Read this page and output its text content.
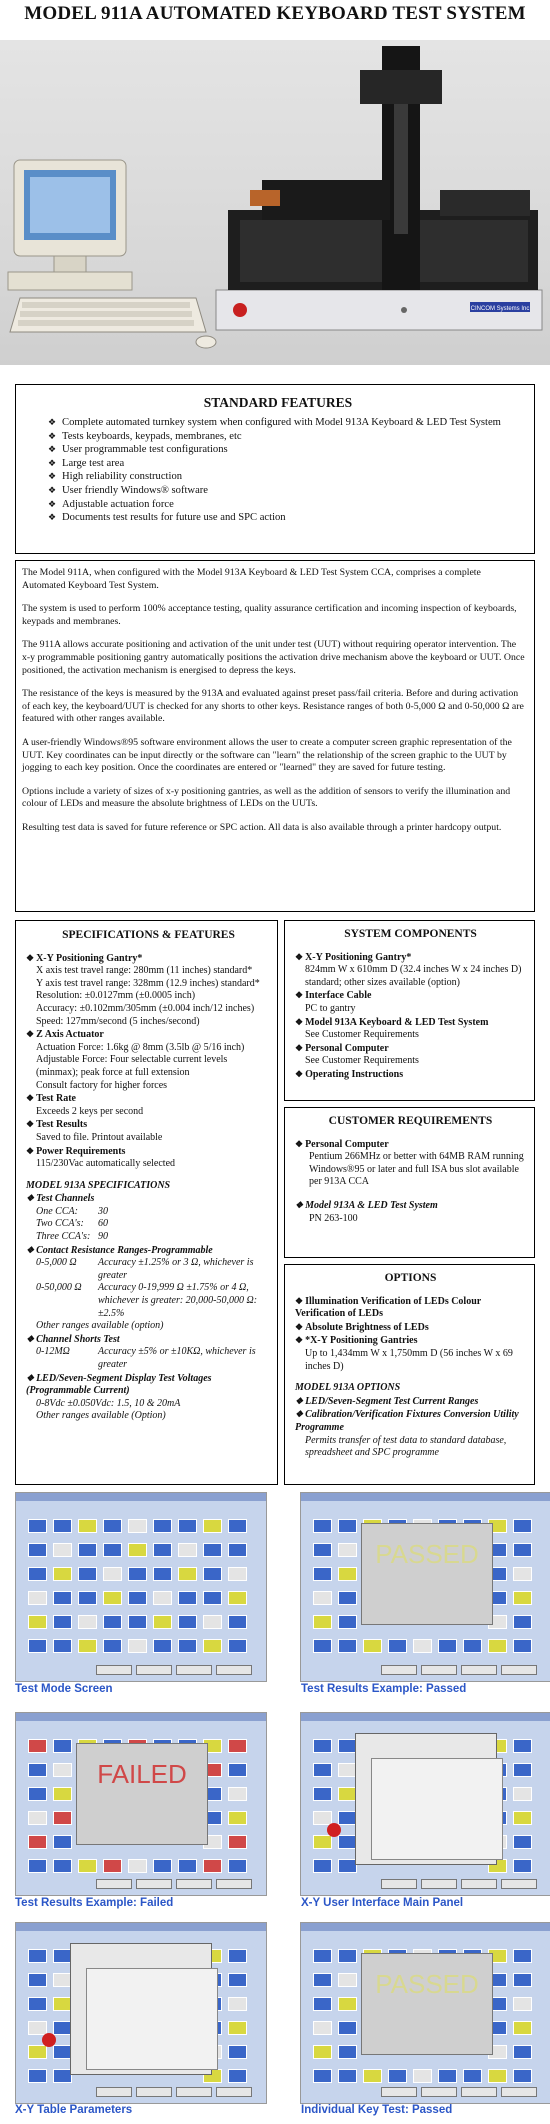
MODEL 911A AUTOMATED KEYBOARD TEST SYSTEM
CINCOM Systems Inc
STANDARD FEATURES
❖ Complete automated turnkey system when configured with Model 913A Keyboard & LED Test System
❖ Tests keyboards, keypads, membranes, etc
❖ User programmable test configurations
❖ Large test area
❖ High reliability construction
❖ User friendly Windows® software
❖ Adjustable actuation force
❖ Documents test results for future use and SPC action

The Model 911A, when configured with the Model 913A Keyboard & LED Test System CCA, comprises a complete Automated Keyboard Test System.

The system is used to perform 100% acceptance testing, quality assurance certification and incoming inspection of keyboards, keypads and membranes.

The 911A allows accurate positioning and activation of the unit under test (UUT) without requiring operator intervention. The x-y programmable positioning gantry automatically positions the activation drive mechanism above the keyboard or UUT. Once positioned, the activation mechanism is energised to depress the keys.

The resistance of the keys is measured by the 913A and evaluated against preset pass/fail criteria. Before and during activation of each key, the keyboard/UUT is checked for any shorts to other keys. Resistance ranges of both 0-5,000 Ω and 0-50,000 Ω are featured with other ranges available.

A user-friendly Windows®95 software environment allows the user to create a computer screen graphic representation of the UUT. Key coordinates can be input directly or the software can "learn" the relationship of the screen graphic to the UUT by jogging to each key position. Once the coordinates are entered or "learned" they are saved for future testing.

Options include a variety of sizes of x-y positioning gantries, as well as the addition of sensors to verify the illumination and colour of LEDs and measure the absolute brightness of LEDs on the UUTs.

Resulting test data is saved for future reference or SPC action. All data is also available through a printer hardcopy output.

SPECIFICATIONS & FEATURES
❖ X-Y Positioning Gantry*
X axis test travel range: 280mm (11 inches) standard*
Y axis test travel range: 328mm (12.9 inches) standard*
Resolution: ±0.0127mm (±0.0005 inch)
Accuracy: ±0.102mm/305mm (±0.004 inch/12 inches)
Speed: 127mm/second (5 inches/second)
❖ Z Axis Actuator
Actuation Force: 1.6kg @ 8mm (3.5lb @ 5/16 inch)
Adjustable Force: Four selectable current levels (minmax); peak force at full extension
Consult factory for higher forces
❖ Test Rate
Exceeds 2 keys per second
❖ Test Results
Saved to file. Printout available
❖ Power Requirements
115/230Vac automatically selected
MODEL 913A SPECIFICATIONS
❖ Test Channels
One CCA:	30
Two CCA's:	60
Three CCA's: 90
❖ Contact Resistance Ranges-Programmable
0-5,000 Ω	Accuracy ±1.25% or 3 Ω, whichever is greater
0-50,000 Ω	Accuracy 0-19,999 Ω ±1.75% or 4 Ω, whichever is greater: 20,000-50,000 Ω: ±2.5%
Other ranges available (option)
❖ Channel Shorts Test
0-12MΩ	Accuracy ±5% or ±10KΩ, whichever is greater
❖ LED/Seven-Segment Display Test Voltages (Programmable Current)
0-8Vdc ±0.050Vdc: 1.5, 10 & 20mA
Other ranges available (Option)
SYSTEM COMPONENTS
❖ X-Y Positioning Gantry*
824mm W x 610mm D (32.4 inches W x 24 inches D) standard; other sizes available (option)
❖ Interface Cable
PC to gantry
❖ Model 913A Keyboard & LED Test System
See Customer Requirements
❖ Personal Computer
See Customer Requirements
❖ Operating Instructions
CUSTOMER REQUIREMENTS
❖ Personal Computer
Pentium 266MHz or better with 64MB RAM running Windows®95 or later and full ISA bus slot available per 913A CCA
❖ Model 913A & LED Test System
PN 263-100
OPTIONS
❖ Illumination Verification of LEDs Colour Verification of LEDs
❖ Absolute Brightness of LEDs
❖ *X-Y Positioning Gantries
Up to 1,434mm W x 1,750mm D (56 inches W x 69 inches D)
MODEL 913A OPTIONS
❖ LED/Seven-Segment Test Current Ranges
❖ Calibration/Verification Fixtures Conversion Utility Programme
Permits transfer of test data to standard database, spreadsheet and SPC programme
PASSED
FAILED
PASSED
Test Mode Screen	Test Results Example: Passed
Test Results Example: Failed	X-Y User Interface Main Panel
X-Y Table Parameters	Individual Key Test: Passed
